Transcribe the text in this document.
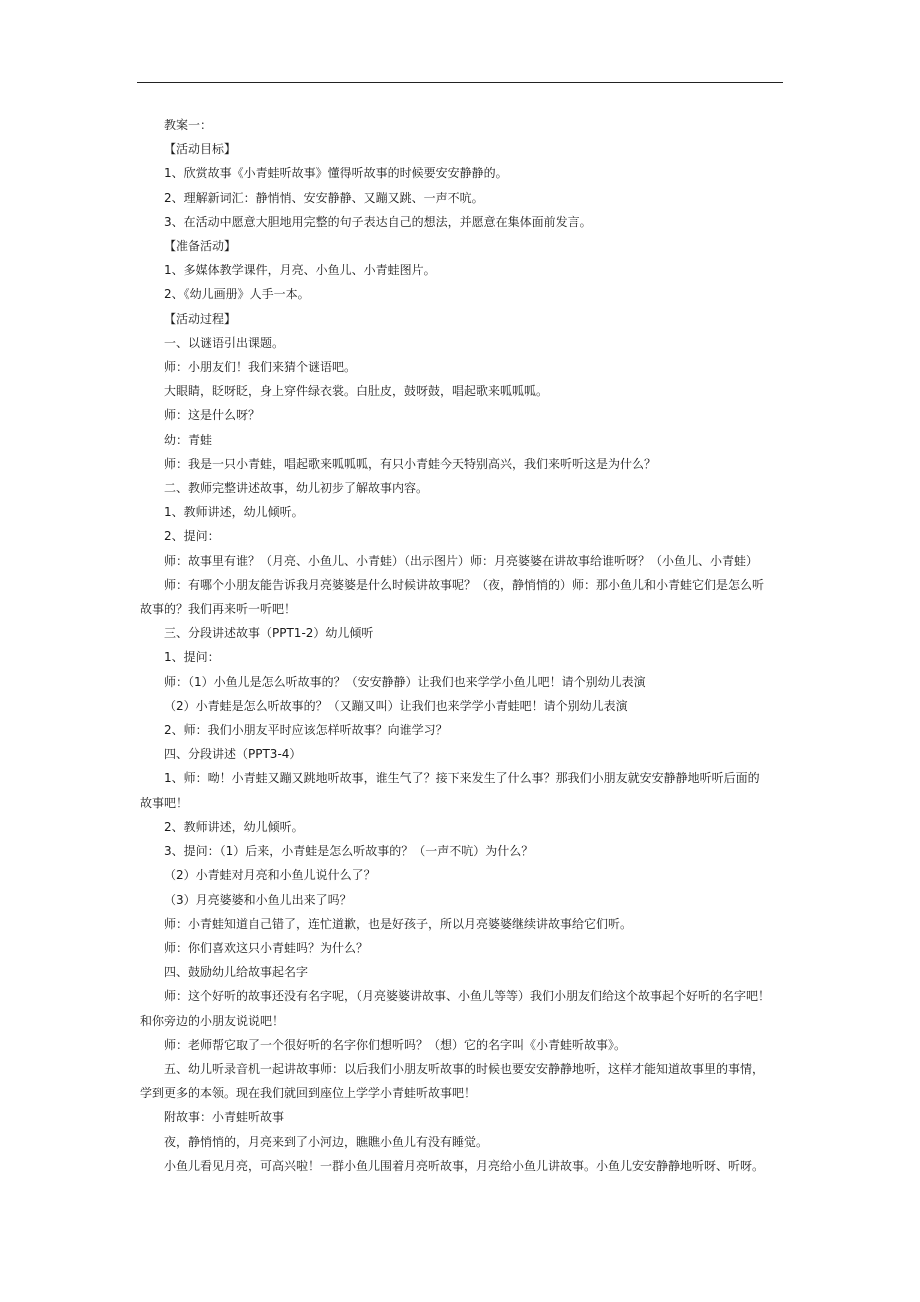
教案一：

【活动目标】

1、欣赏故事《小青蛙听故事》懂得听故事的时候要安安静静的。

2、理解新词汇：静悄悄、安安静静、又蹦又跳、一声不吭。

3、在活动中愿意大胆地用完整的句子表达自己的想法，并愿意在集体面前发言。

【准备活动】

1、多媒体教学课件，月亮、小鱼儿、小青蛙图片。

2、《幼儿画册》人手一本。

【活动过程】

一、以谜语引出课题。

师：小朋友们！我们来猜个谜语吧。

大眼睛，眨呀眨，身上穿件绿衣裳。白肚皮，鼓呀鼓，唱起歌来呱呱呱。

师：这是什么呀？

幼：青蛙

师：我是一只小青蛙，唱起歌来呱呱呱，有只小青蛙今天特别高兴，我们来听听这是为什么？

二、教师完整讲述故事，幼儿初步了解故事内容。

1、教师讲述，幼儿倾听。

2、提问：

师：故事里有谁？（月亮、小鱼儿、小青蛙）（出示图片）师：月亮婆婆在讲故事给谁听呀？（小鱼儿、小青蛙）

师：有哪个小朋友能告诉我月亮婆婆是什么时候讲故事呢？（夜，静悄悄的）师：那小鱼儿和小青蛙它们是怎么听

故事的？我们再来听一听吧！

三、分段讲述故事（PPT1-2）幼儿倾听

1、提问：

师：（1）小鱼儿是怎么听故事的？（安安静静）让我们也来学学小鱼儿吧！请个别幼儿表演

（2）小青蛙是怎么听故事的？（又蹦又叫）让我们也来学学小青蛙吧！请个别幼儿表演

2、师：我们小朋友平时应该怎样听故事？向谁学习？

四、分段讲述（PPT3-4）

1、师：呦！小青蛙又蹦又跳地听故事，谁生气了？接下来发生了什么事？那我们小朋友就安安静静地听听后面的

故事吧！

2、教师讲述，幼儿倾听。

3、提问：（1）后来，小青蛙是怎么听故事的？（一声不吭）为什么？

（2）小青蛙对月亮和小鱼儿说什么了？

（3）月亮婆婆和小鱼儿出来了吗？

师：小青蛙知道自己错了，连忙道歉，也是好孩子，所以月亮婆婆继续讲故事给它们听。

师：你们喜欢这只小青蛙吗？为什么？

四、鼓励幼儿给故事起名字

师：这个好听的故事还没有名字呢，（月亮婆婆讲故事、小鱼儿等等）我们小朋友们给这个故事起个好听的名字吧！

和你旁边的小朋友说说吧！

师：老师帮它取了一个很好听的名字你们想听吗？（想）它的名字叫《小青蛙听故事》。

五、幼儿听录音机一起讲故事师：以后我们小朋友听故事的时候也要安安静静地听，这样才能知道故事里的事情，

学到更多的本领。现在我们就回到座位上学学小青蛙听故事吧！

附故事：小青蛙听故事

夜，静悄悄的，月亮来到了小河边，瞧瞧小鱼儿有没有睡觉。

小鱼儿看见月亮，可高兴啦！一群小鱼儿围着月亮听故事，月亮给小鱼儿讲故事。小鱼儿安安静静地听呀、听呀。
